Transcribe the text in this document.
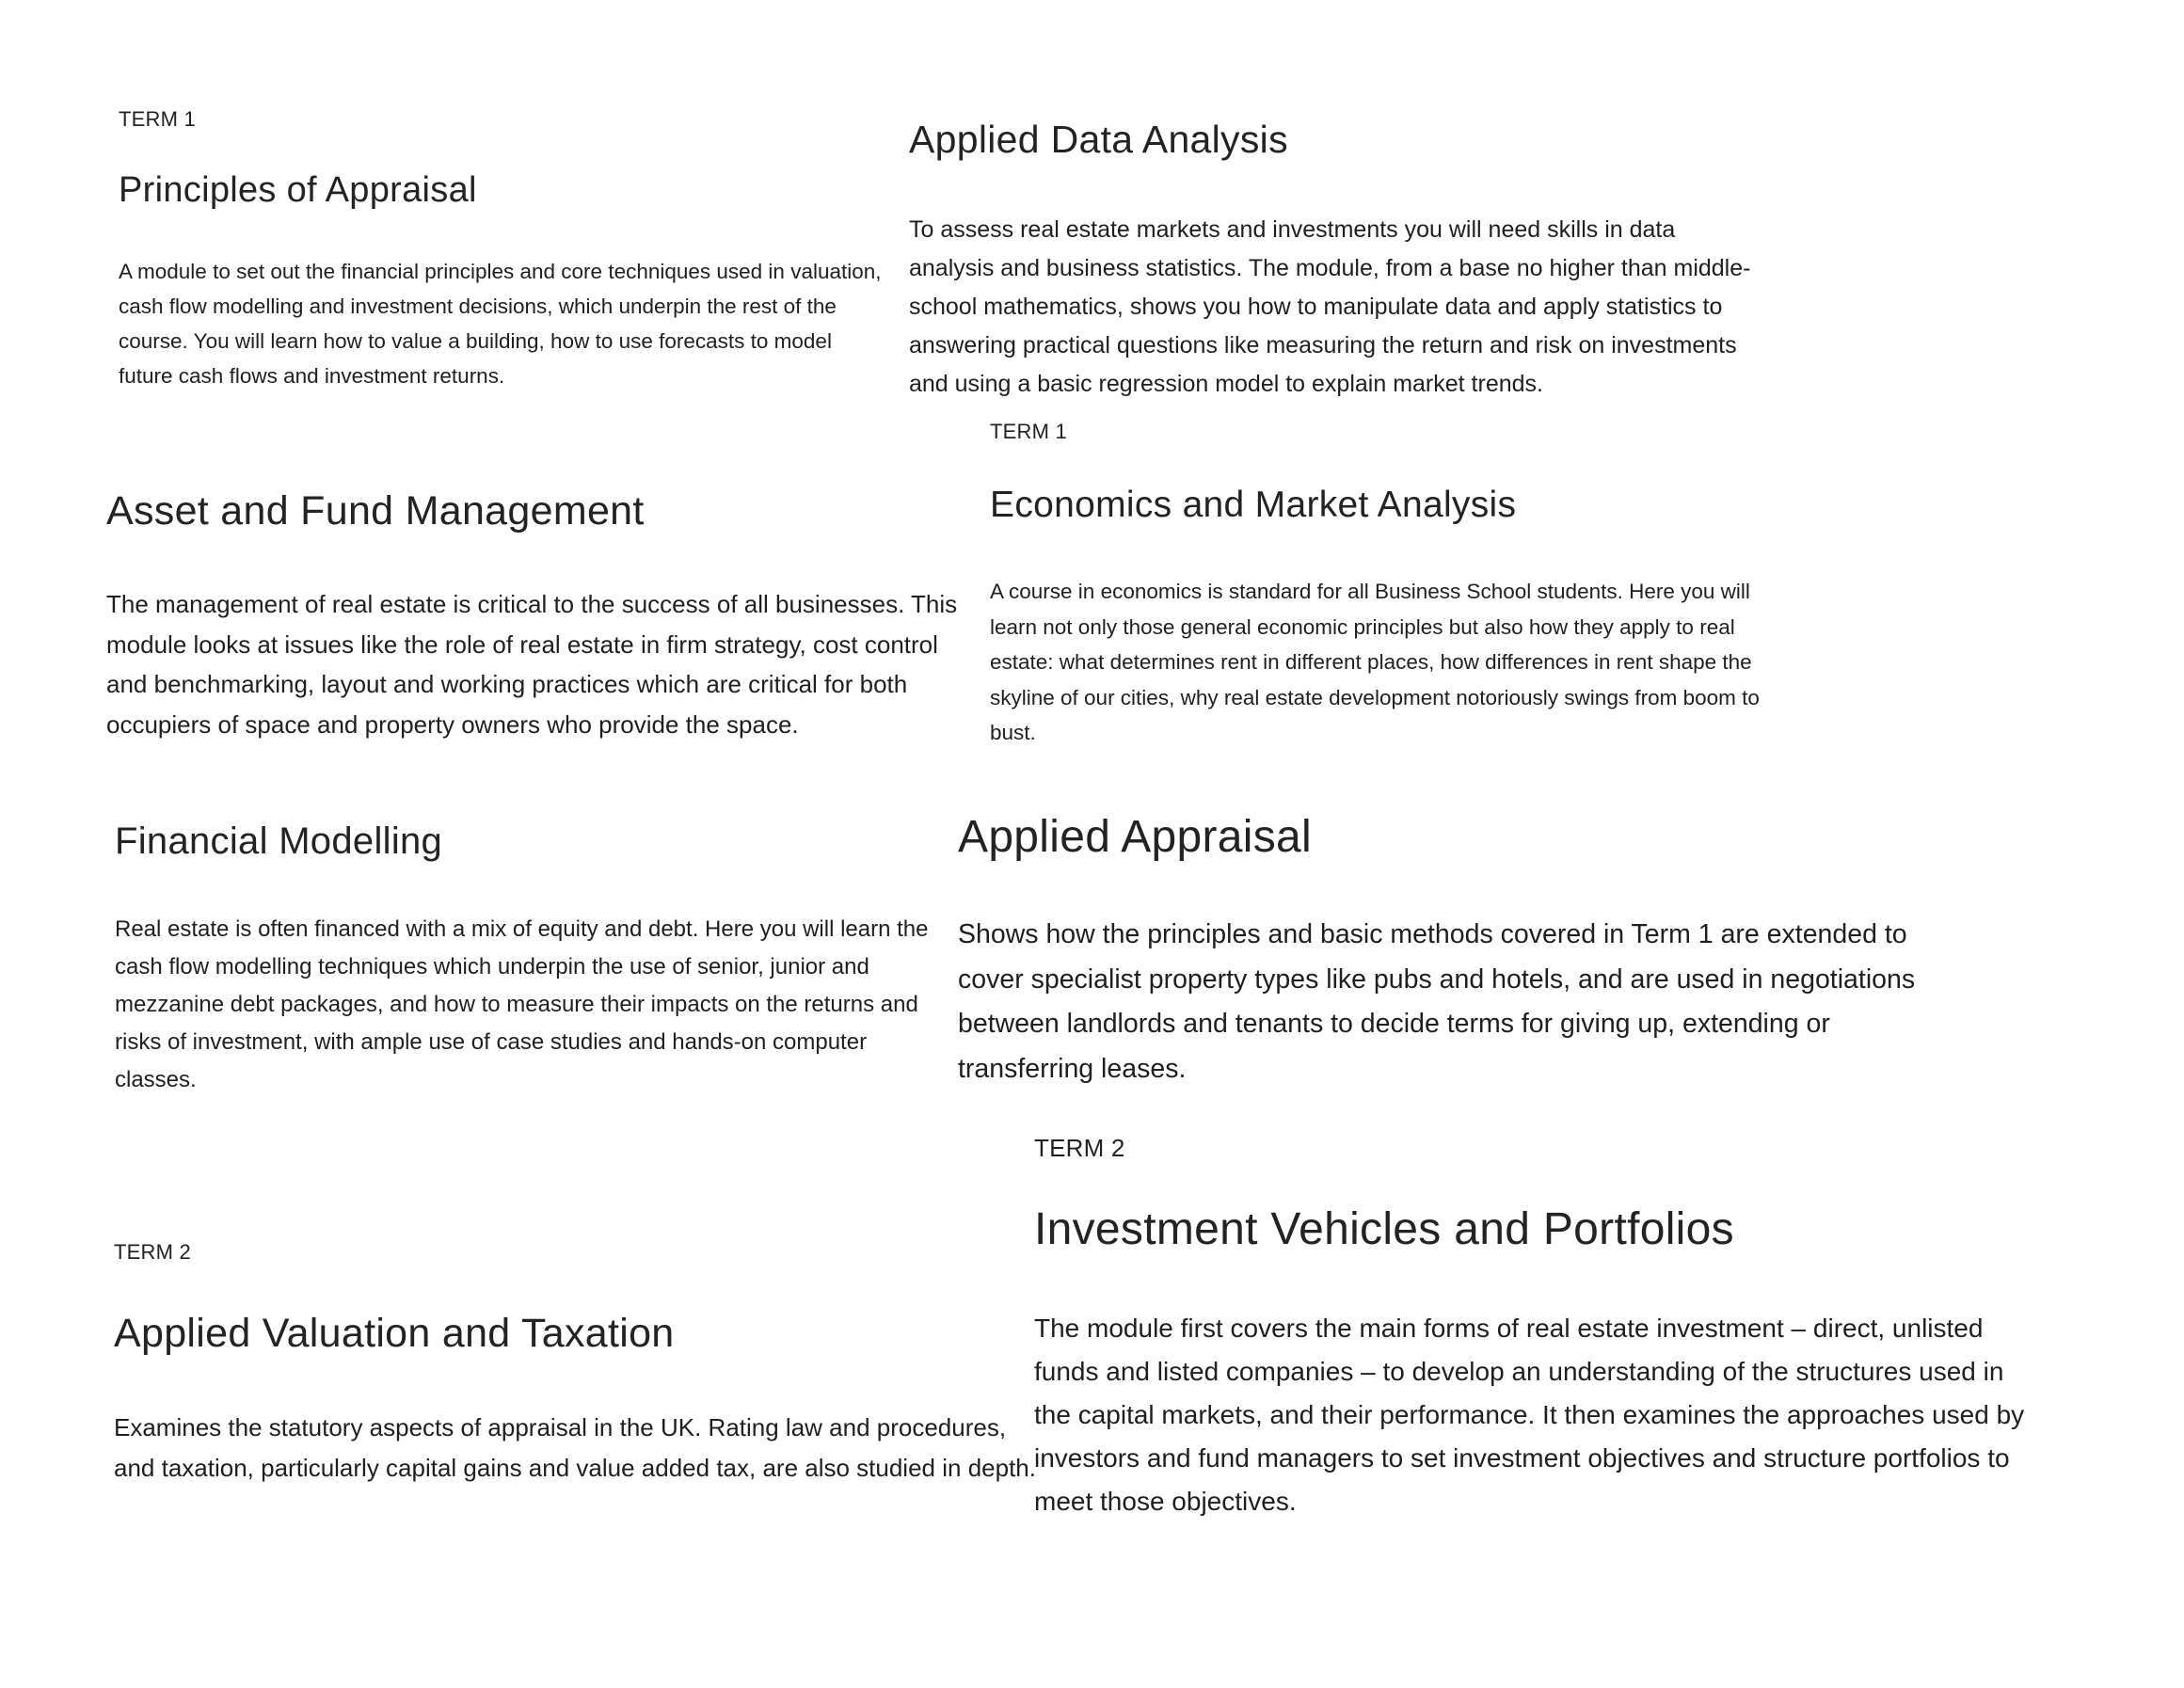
TERM 1
Principles of Appraisal

A module to set out the financial principles and core techniques used in valuation, cash flow modelling and investment decisions, which underpin the rest of the course. You will learn how to value a building, how to use forecasts to model future cash flows and investment returns.

Applied Data Analysis

To assess real estate markets and investments you will need skills in data analysis and business statistics. The module, from a base no higher than middle-school mathematics, shows you how to manipulate data and apply statistics to answering practical questions like measuring the return and risk on investments and using a basic regression model to explain market trends.

Asset and Fund Management

The management of real estate is critical to the success of all businesses. This module looks at issues like the role of real estate in firm strategy, cost control and benchmarking, layout and working practices which are critical for both occupiers of space and property owners who provide the space.

TERM 1
Economics and Market Analysis

A course in economics is standard for all Business School students. Here you will learn not only those general economic principles but also how they apply to real estate: what determines rent in different places, how differences in rent shape the skyline of our cities, why real estate development notoriously swings from boom to bust.

Financial Modelling

Real estate is often financed with a mix of equity and debt. Here you will learn the cash flow modelling techniques which underpin the use of senior, junior and mezzanine debt packages, and how to measure their impacts on the returns and risks of investment, with ample use of case studies and hands-on computer classes.

Applied Appraisal

Shows how the principles and basic methods covered in Term 1 are extended to cover specialist property types like pubs and hotels, and are used in negotiations between landlords and tenants to decide terms for giving up, extending or transferring leases.

TERM 2
Applied Valuation and Taxation

Examines the statutory aspects of appraisal in the UK. Rating law and procedures, and taxation, particularly capital gains and value added tax, are also studied in depth.

TERM 2
Investment Vehicles and Portfolios

The module first covers the main forms of real estate investment – direct, unlisted funds and listed companies – to develop an understanding of the structures used in the capital markets, and their performance. It then examines the approaches used by investors and fund managers to set investment objectives and structure portfolios to meet those objectives.
